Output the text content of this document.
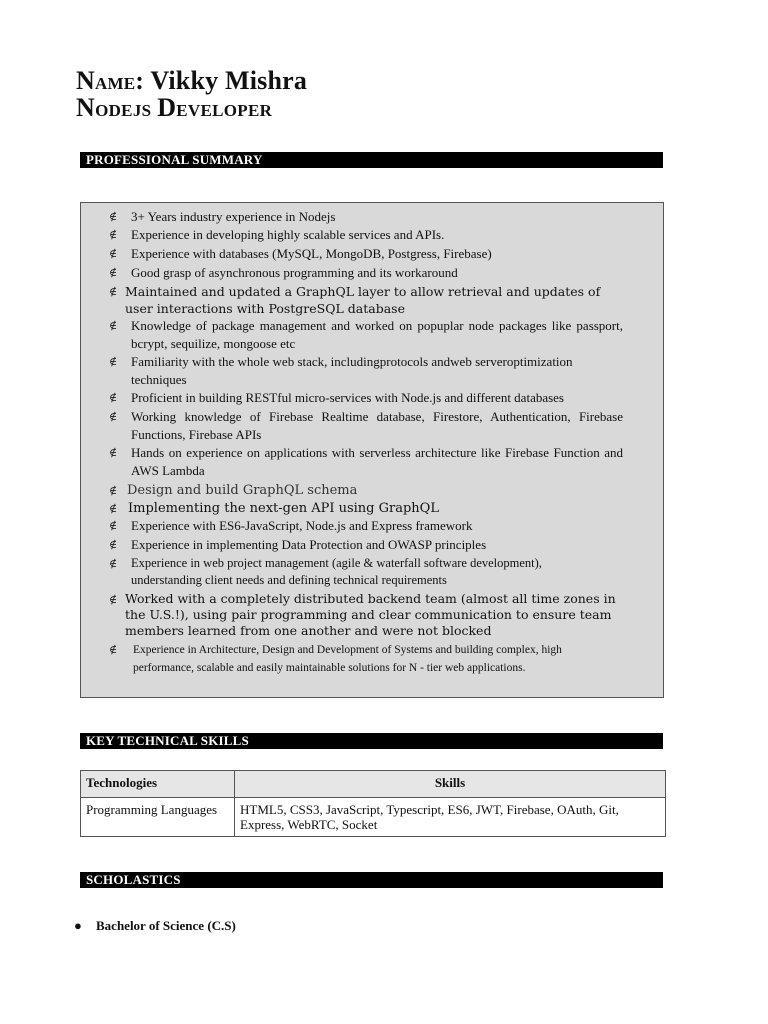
NAME: Vikky Mishra
NODEJS DEVELOPER
PROFESSIONAL SUMMARY
∉	3+ Years industry experience in Nodejs
∉	Experience in developing highly scalable services and APIs.
∉	Experience with databases (MySQL, MongoDB, Postgress, Firebase)
∉	Good grasp of asynchronous programming and its workaround
∉ Maintained and updated a GraphQL layer to allow retrieval and updates of user interactions with PostgreSQL database
∉	Knowledge of package management and worked on popuplar node packages like passport, bcrypt, sequilize, mongoose etc
∉	Familiarity with the whole web stack, includingprotocols andweb serveroptimization techniques
∉	Proficient in building RESTful micro-services with Node.js and different databases
∉	Working knowledge of Firebase Realtime database, Firestore, Authentication, Firebase Functions, Firebase APIs
∉	Hands on experience on applications with serverless architecture like Firebase Function and AWS Lambda
∉ Design and build GraphQL schema
∉ Implementing the next-gen API using GraphQL
∉	Experience with ES6-JavaScript, Node.js and Express framework
∉	Experience in implementing Data Protection and OWASP principles
∉	Experience in web project management (agile & waterfall software development), understanding client needs and defining technical requirements
∉ Worked with a completely distributed backend team (almost all time zones in the U.S.!), using pair programming and clear communication to ensure team members learned from one another and were not blocked
∉	Experience in Architecture, Design and Development of Systems and building complex, high performance, scalable and easily maintainable solutions for N - tier web applications.
KEY TECHNICAL SKILLS
Technologies	Skills
Programming Languages	HTML5, CSS3, JavaScript, Typescript, ES6, JWT, Firebase, OAuth, Git, Express, WebRTC, Socket
SCHOLASTICS
● Bachelor of Science (C.S)
